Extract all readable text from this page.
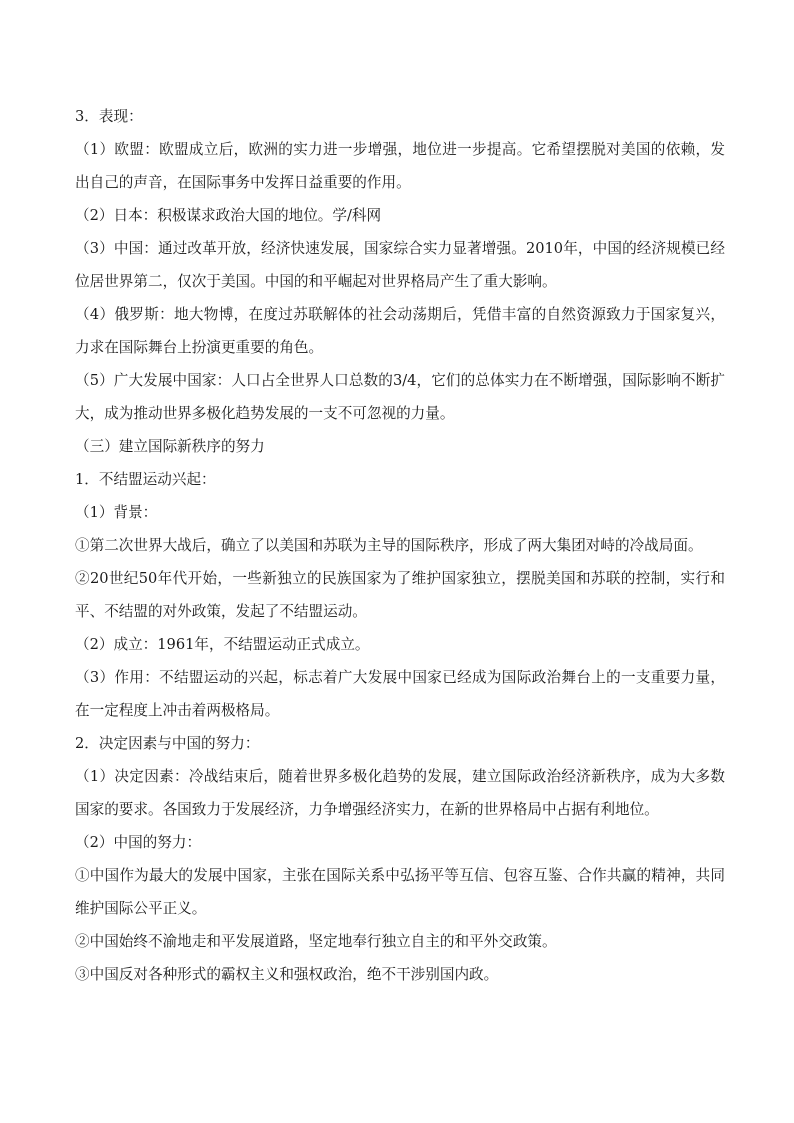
3．表现：

（1）欧盟：欧盟成立后，欧洲的实力进一步增强，地位进一步提高。它希望摆脱对美国的依赖，发出自己的声音，在国际事务中发挥日益重要的作用。

（2）日本：积极谋求政治大国的地位。学/科网

（3）中国：通过改革开放，经济快速发展，国家综合实力显著增强。2010年，中国的经济规模已经位居世界第二，仅次于美国。中国的和平崛起对世界格局产生了重大影响。

（4）俄罗斯：地大物博，在度过苏联解体的社会动荡期后，凭借丰富的自然资源致力于国家复兴，力求在国际舞台上扮演更重要的角色。

（5）广大发展中国家：人口占全世界人口总数的3/4，它们的总体实力在不断增强，国际影响不断扩大，成为推动世界多极化趋势发展的一支不可忽视的力量。

（三）建立国际新秩序的努力

1．不结盟运动兴起：

（1）背景：

①第二次世界大战后，确立了以美国和苏联为主导的国际秩序，形成了两大集团对峙的冷战局面。

②20世纪50年代开始，一些新独立的民族国家为了维护国家独立，摆脱美国和苏联的控制，实行和平、不结盟的对外政策，发起了不结盟运动。

（2）成立：1961年，不结盟运动正式成立。

（3）作用：不结盟运动的兴起，标志着广大发展中国家已经成为国际政治舞台上的一支重要力量，在一定程度上冲击着两极格局。

2．决定因素与中国的努力：

（1）决定因素：冷战结束后，随着世界多极化趋势的发展，建立国际政治经济新秩序，成为大多数国家的要求。各国致力于发展经济，力争增强经济实力，在新的世界格局中占据有利地位。

（2）中国的努力：

①中国作为最大的发展中国家，主张在国际关系中弘扬平等互信、包容互鉴、合作共赢的精神，共同维护国际公平正义。

②中国始终不渝地走和平发展道路，坚定地奉行独立自主的和平外交政策。

③中国反对各种形式的霸权主义和强权政治，绝不干涉别国内政。
